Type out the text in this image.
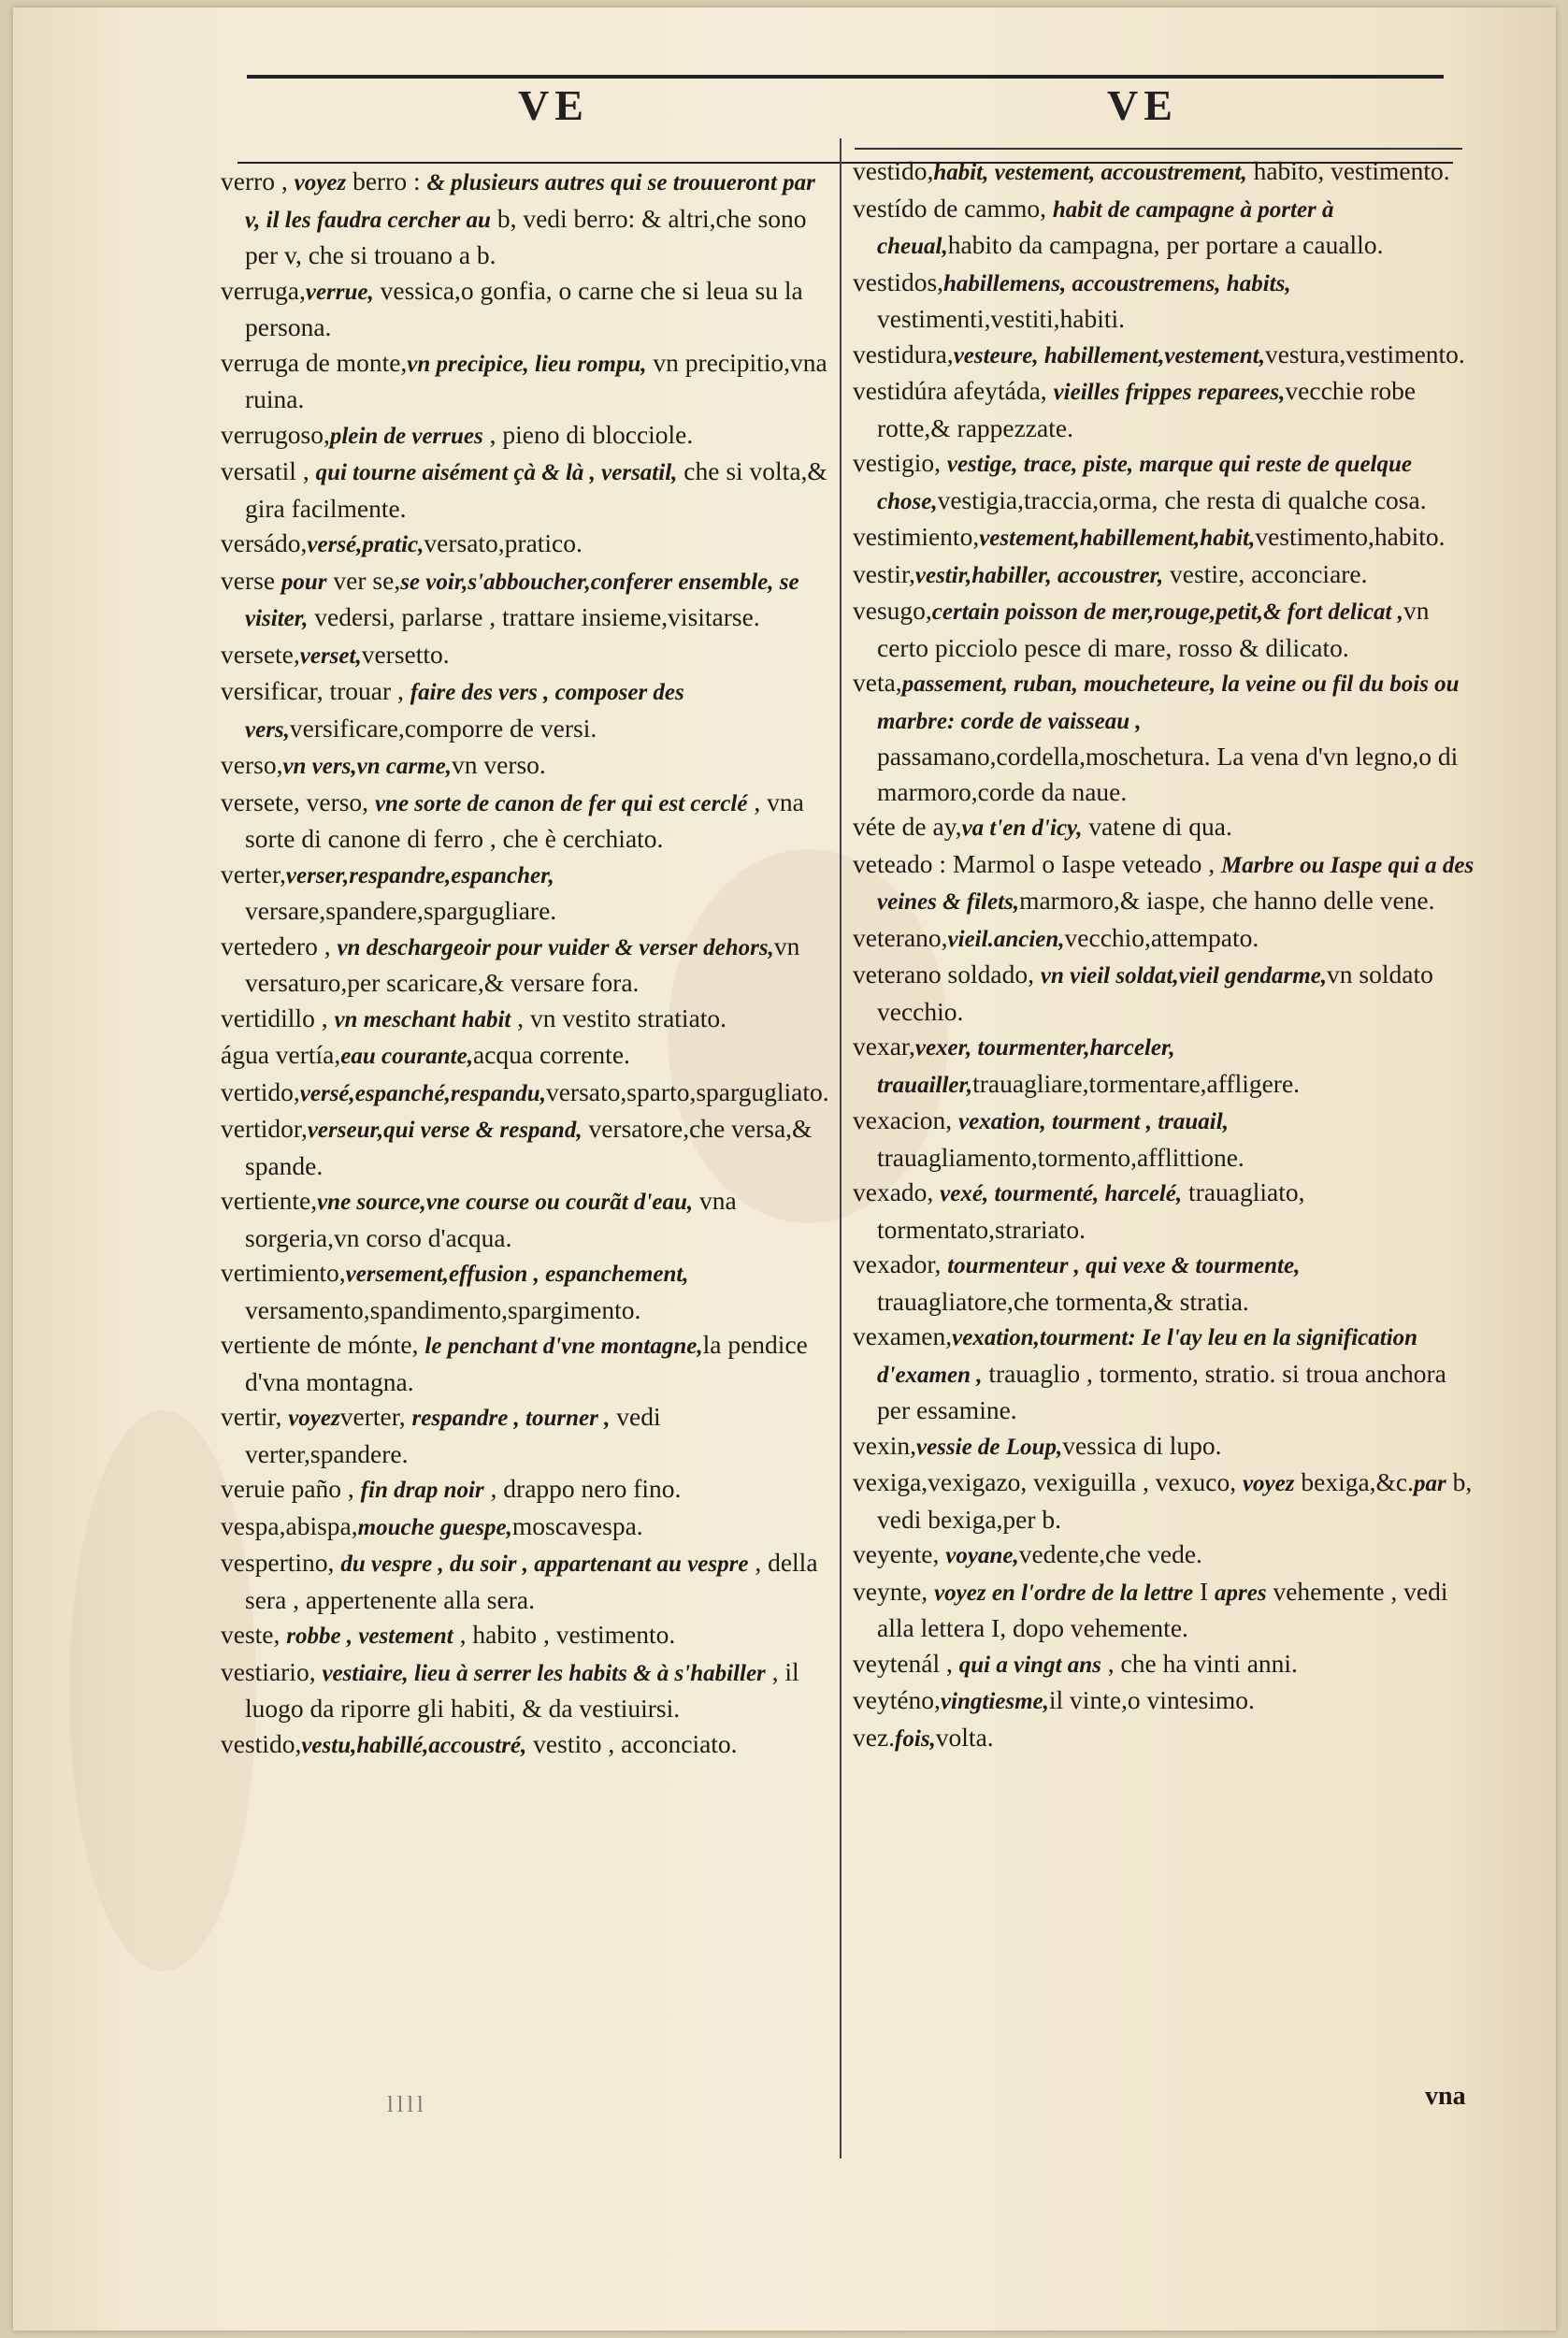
VE	VE

verro , voyez berro : & plusieurs autres qui se trouueront par v, il les faudra cercher au b, vedi berro: & altri,che sono per v, che si trouano a b.

verruga,verrue, vessica,o gonfia, o carne che si leua su la persona.

verruga de monte,vn precipice, lieu rompu, vn precipitio,vna ruina.

verrugoso,plein de verrues , pieno di blocciole.

versatil , qui tourne aisément çà & là , versatil, che si volta,& gira facilmente.

versádo,versé,pratic,versato,pratico.

verse pour ver se,se voir,s'abboucher,conferer ensemble, se visiter, vedersi, parlarse , trattare insieme,visitarse.

versete,verset,versetto.

versificar, trouar , faire des vers , composer des vers,versificare,comporre de versi.

verso,vn vers,vn carme,vn verso.

versete, verso, vne sorte de canon de fer qui est cerclé , vna sorte di canone di ferro , che è cerchiato.

verter,verser,respandre,espancher, versare,spandere,spargugliare.

vertedero , vn deschargeoir pour vuider & verser dehors,vn versaturo,per scaricare,& versare fora.

vertidillo , vn meschant habit , vn vestito stratiato.

água vertía,eau courante,acqua corrente.

vertido,versé,espanché,respandu,versato,sparto,spargugliato.

vertidor,verseur,qui verse & respand, versatore,che versa,& spande.

vertiente,vne source,vne course ou courãt d'eau, vna sorgeria,vn corso d'acqua.

vertimiento,versement,effusion , espanchement, versamento,spandimento,spargimento.

vertiente de mónte, le penchant d'vne montagne,la pendice d'vna montagna.

vertir, voyezverter, respandre , tourner , vedi verter,spandere.

veruie paño , fin drap noir , drappo nero fino.

vespa,abispa,mouche guespe,moscavespa.

vespertino, du vespre , du soir , appartenant au vespre , della sera , appertenente alla sera.

veste, robbe , vestement , habito , vestimento.

vestiario, vestiaire, lieu à serrer les habits & à s'habiller , il luogo da riporre gli habiti, & da vestiuirsi.

vestido,vestu,habillé,accoustré, vestito , acconciato.

vestido,habit, vestement, accoustrement, habito, vestimento.

vestído de cammo, habit de campagne à porter à cheual,habito da campagna, per portare a cauallo.

vestidos,habillemens, accoustremens, habits, vestimenti,vestiti,habiti.

vestidura,vesteure, habillement,vestement,vestura,vestimento.

vestidúra afeytáda, vieilles frippes reparees,vecchie robe rotte,& rappezzate.

vestigio, vestige, trace, piste, marque qui reste de quelque chose,vestigia,traccia,orma, che resta di qualche cosa.

vestimiento,vestement,habillement,habit,vestimento,habito.

vestir,vestir,habiller, accoustrer, vestire, acconciare.

vesugo,certain poisson de mer,rouge,petit,& fort delicat ,vn certo picciolo pesce di mare, rosso & dilicato.

veta,passement, ruban, moucheteure, la veine ou fil du bois ou marbre: corde de vaisseau , passamano,cordella,moschetura. La vena d'vn legno,o di marmoro,corde da naue.

véte de ay,va t'en d'icy, vatene di qua.

veteado : Marmol o Iaspe veteado , Marbre ou Iaspe qui a des veines & filets,marmoro,& iaspe, che hanno delle vene.

veterano,vieil.ancien,vecchio,attempato.

veterano soldado, vn vieil soldat,vieil gendarme,vn soldato vecchio.

vexar,vexer, tourmenter,harceler, trauailler,trauagliare,tormentare,affligere.

vexacion, vexation, tourment , trauail, trauagliamento,tormento,afflittione.

vexado, vexé, tourmenté, harcelé, trauagliato, tormentato,strariato.

vexador, tourmenteur , qui vexe & tourmente, trauagliatore,che tormenta,& stratia.

vexamen,vexation,tourment: Ie l'ay leu en la signification d'examen , trauaglio , tormento, stratio. si troua anchora per essamine.

vexin,vessie de Loup,vessica di lupo.

vexiga,vexigazo, vexiguilla , vexuco, voyez bexiga,&c.par b, vedi bexiga,per b.

veyente, voyane,vedente,che vede.

veynte, voyez en l'ordre de la lettre I apres vehemente , vedi alla lettera I, dopo vehemente.

veytenál , qui a vingt ans , che ha vinti anni.

veyténo,vingtiesme,il vinte,o vintesimo.

vez.fois,volta.

llll	vna
